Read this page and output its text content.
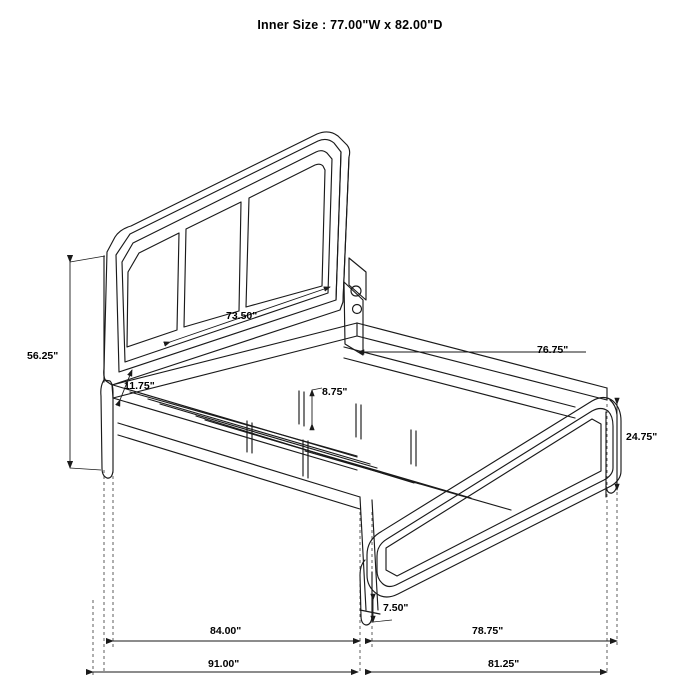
Inner Size : 77.00"W x 82.00"D
56.25"
73.50"
11.75"	8.75"
76.75"
24.75"
7.50"
84.00"	78.75"
91.00"	81.25"
